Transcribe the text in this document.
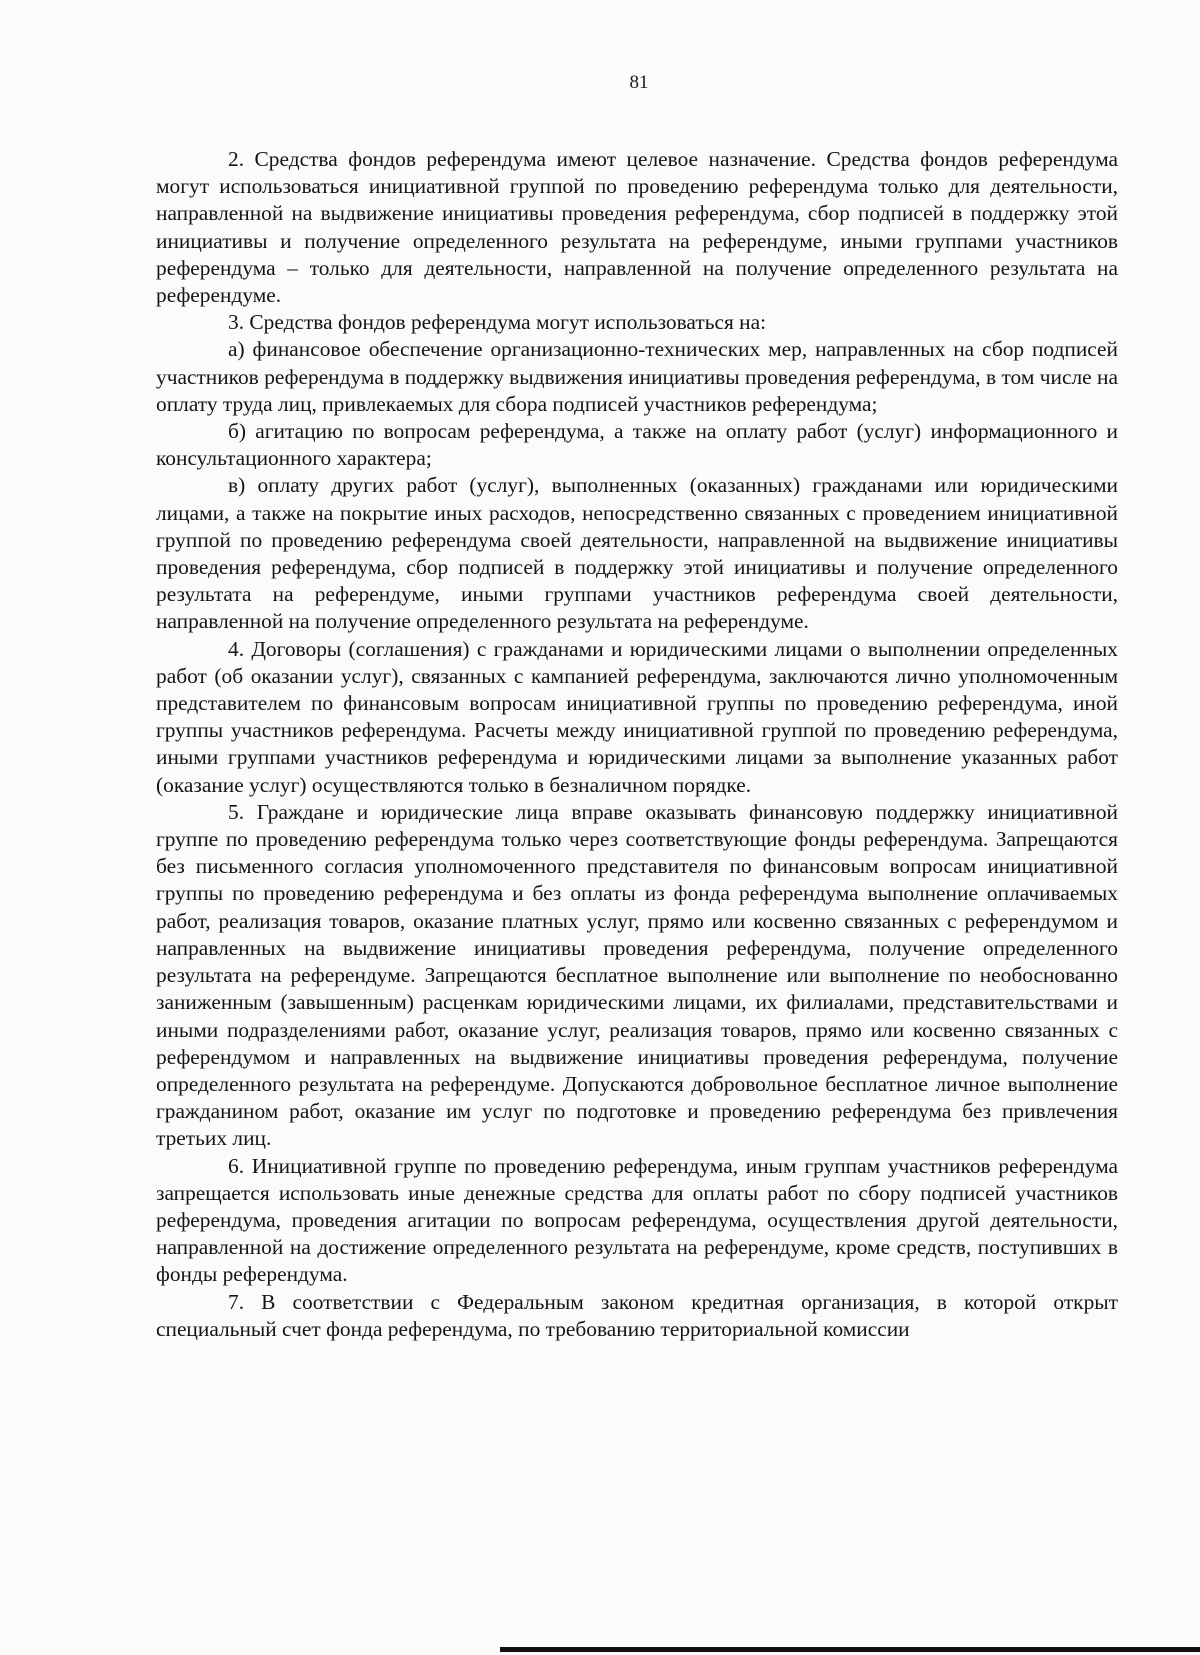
81

2. Средства фондов референдума имеют целевое назначение. Средства фондов референдума могут использоваться инициативной группой по проведению референдума только для деятельности, направленной на выдвижение инициативы проведения референдума, сбор подписей в поддержку этой инициативы и получение определенного результата на референдуме, иными группами участников референдума – только для деятельности, направленной на получение определенного результата на референдуме.

3. Средства фондов референдума могут использоваться на:

а) финансовое обеспечение организационно-технических мер, направленных на сбор подписей участников референдума в поддержку выдвижения инициативы проведения референдума, в том числе на оплату труда лиц, привлекаемых для сбора подписей участников референдума;

б) агитацию по вопросам референдума, а также на оплату работ (услуг) информационного и консультационного характера;

в) оплату других работ (услуг), выполненных (оказанных) гражданами или юридическими лицами, а также на покрытие иных расходов, непосредственно связанных с проведением инициативной группой по проведению референдума своей деятельности, направленной на выдвижение инициативы проведения референдума, сбор подписей в поддержку этой инициативы и получение определенного результата на референдуме, иными группами участников референдума своей деятельности, направленной на получение определенного результата на референдуме.

4. Договоры (соглашения) с гражданами и юридическими лицами о выполнении определенных работ (об оказании услуг), связанных с кампанией референдума, заключаются лично уполномоченным представителем по финансовым вопросам инициативной группы по проведению референдума, иной группы участников референдума. Расчеты между инициативной группой по проведению референдума, иными группами участников референдума и юридическими лицами за выполнение указанных работ (оказание услуг) осуществляются только в безналичном порядке.

5. Граждане и юридические лица вправе оказывать финансовую поддержку инициативной группе по проведению референдума только через соответствующие фонды референдума. Запрещаются без письменного согласия уполномоченного представителя по финансовым вопросам инициативной группы по проведению референдума и без оплаты из фонда референдума выполнение оплачиваемых работ, реализация товаров, оказание платных услуг, прямо или косвенно связанных с референдумом и направленных на выдвижение инициативы проведения референдума, получение определенного результата на референдуме. Запрещаются бесплатное выполнение или выполнение по необоснованно заниженным (завышенным) расценкам юридическими лицами, их филиалами, представительствами и иными подразделениями работ, оказание услуг, реализация товаров, прямо или косвенно связанных с референдумом и направленных на выдвижение инициативы проведения референдума, получение определенного результата на референдуме. Допускаются добровольное бесплатное личное выполнение гражданином работ, оказание им услуг по подготовке и проведению референдума без привлечения третьих лиц.

6. Инициативной группе по проведению референдума, иным группам участников референдума запрещается использовать иные денежные средства для оплаты работ по сбору подписей участников референдума, проведения агитации по вопросам референдума, осуществления другой деятельности, направленной на достижение определенного результата на референдуме, кроме средств, поступивших в фонды референдума.

7. В соответствии с Федеральным законом кредитная организация, в которой открыт специальный счет фонда референдума, по требованию территориальной комиссии
